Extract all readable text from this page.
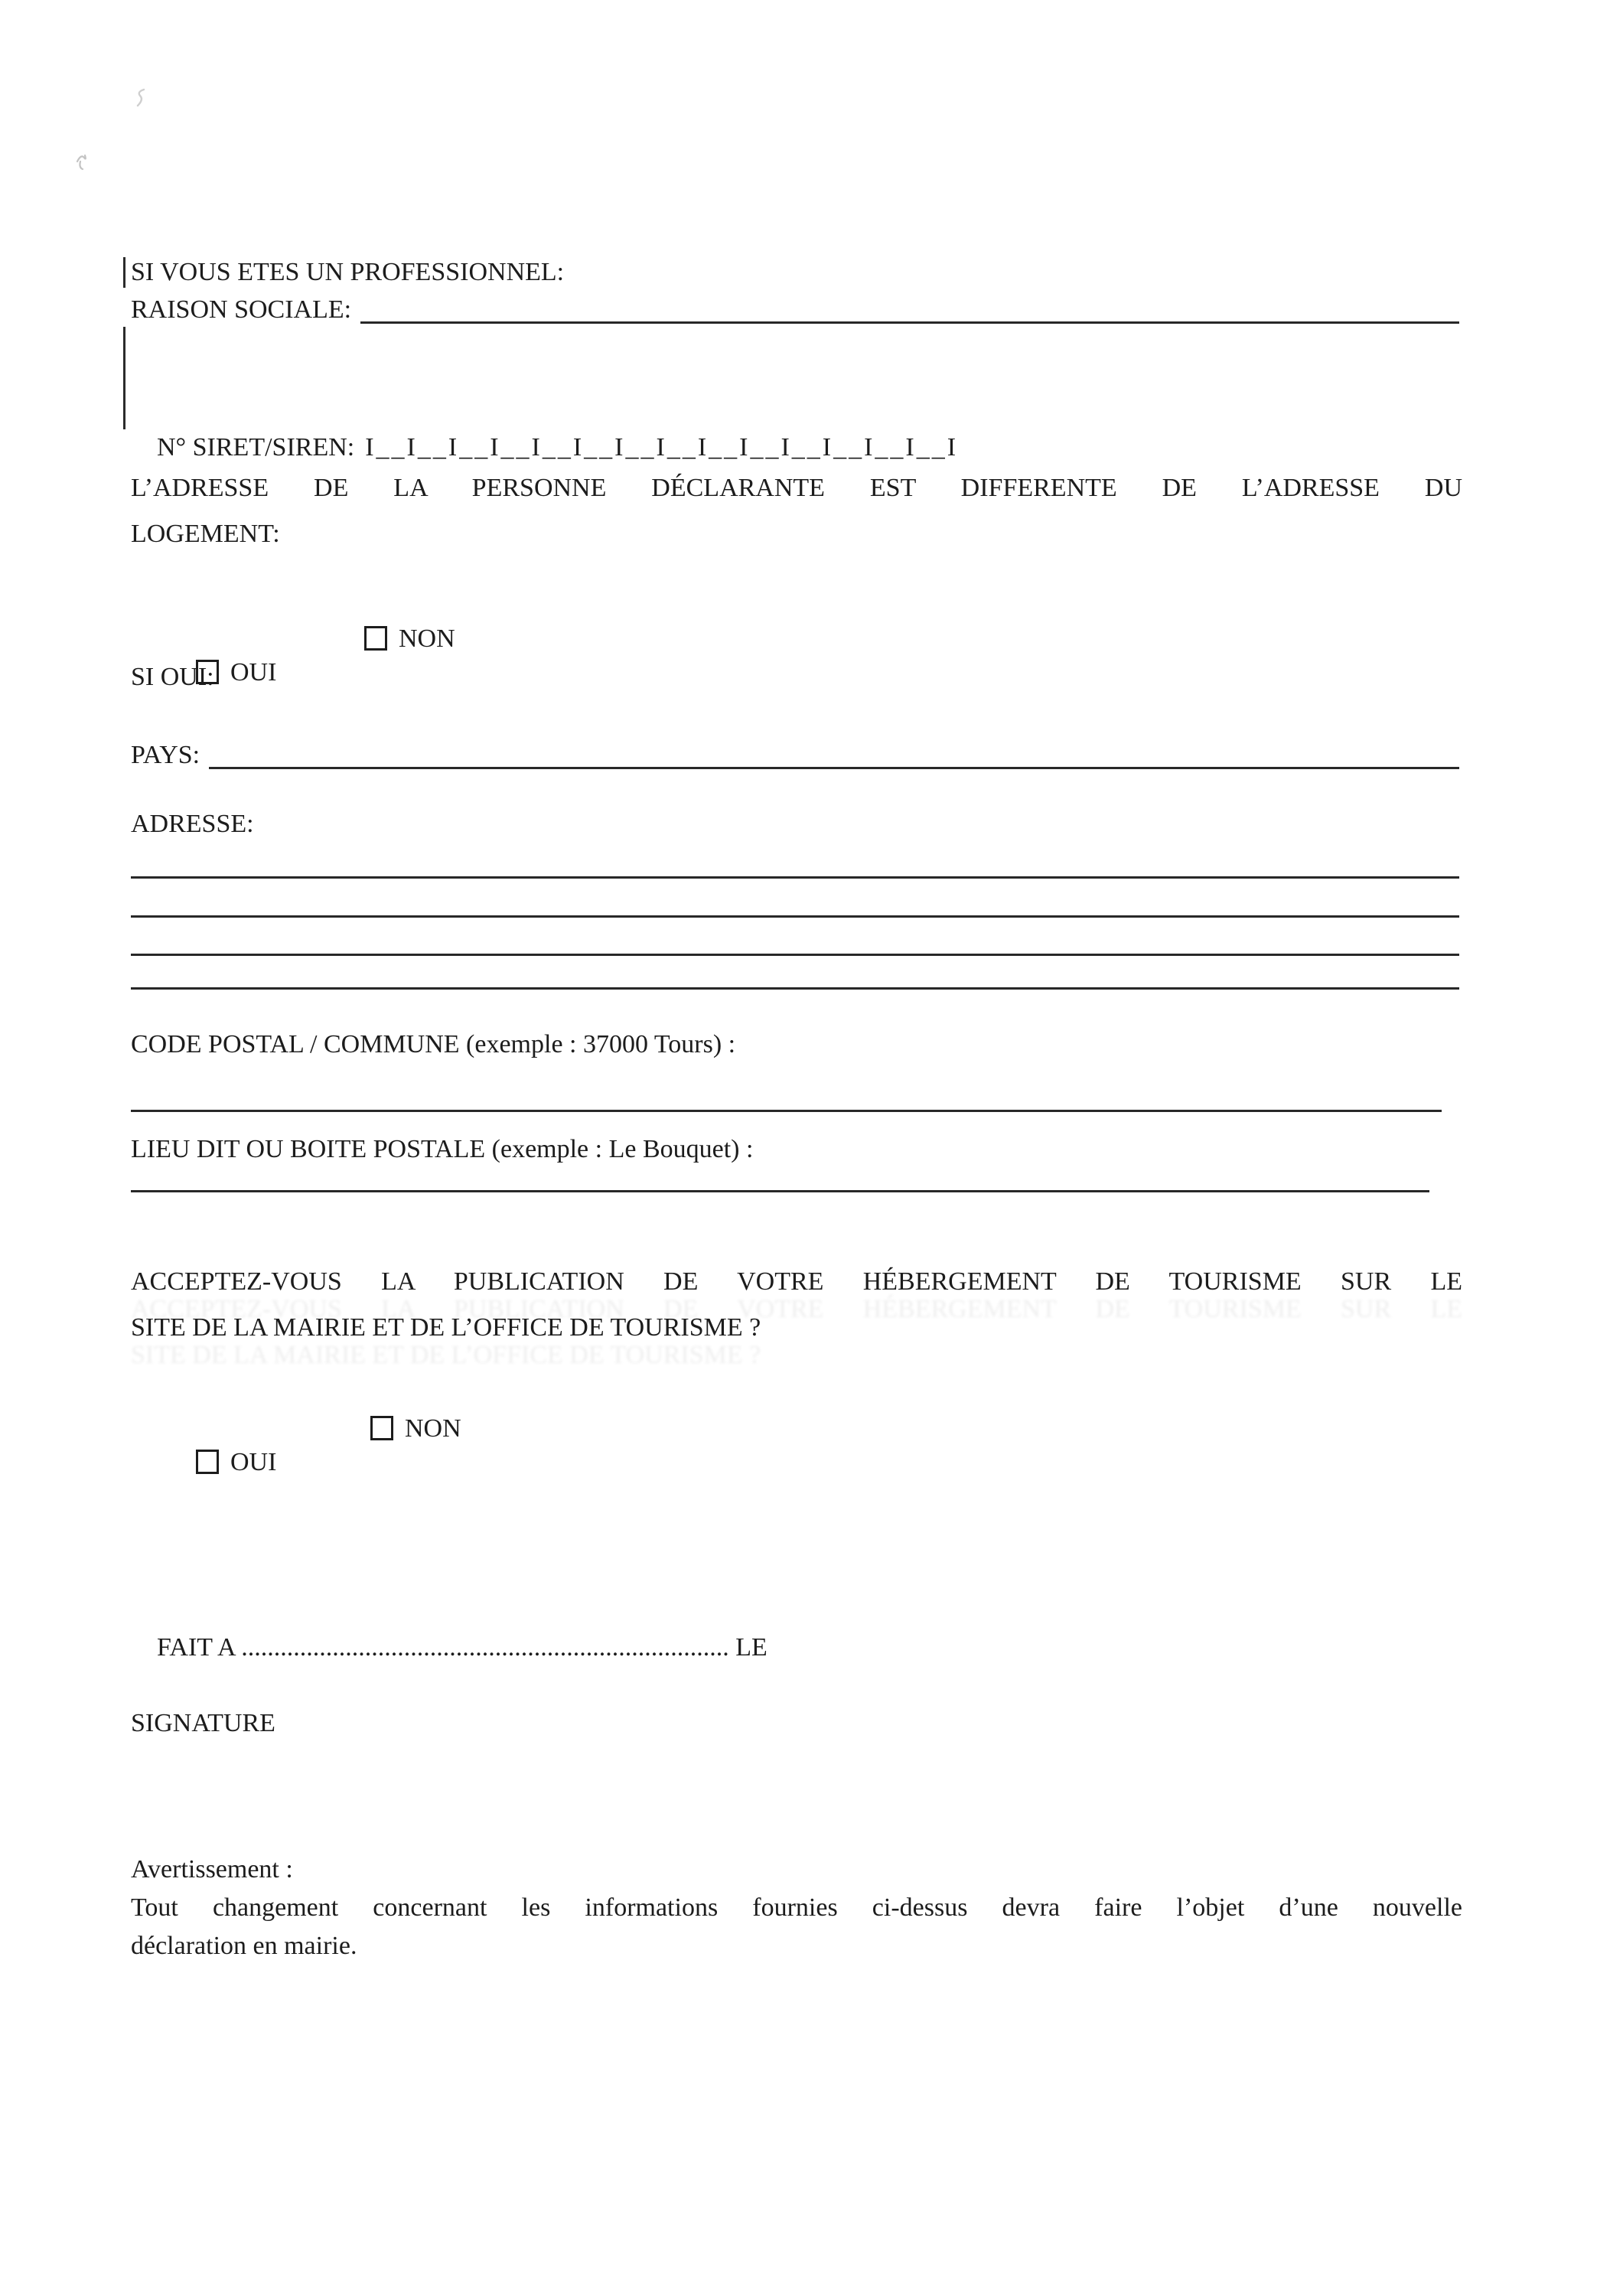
SI VOUS ETES UN PROFESSIONNEL:
RAISON SOCIALE:

N° SIRET/SIREN: I__I__I__I__I__I__I__I__I__I__I__I__I__I__I

L’ADRESSE DE LA PERSONNE DÉCLARANTE EST DIFFERENTE DE L’ADRESSE DU
LOGEMENT:

OUI

NON

SI OUI:
PAYS:
ADRESSE:
CODE POSTAL / COMMUNE (exemple : 37000 Tours) :
LIEU DIT OU BOITE POSTALE (exemple : Le Bouquet) :
ACCEPTEZ-VOUS LA PUBLICATION DE VOTRE HÉBERGEMENT DE TOURISME SUR LE
SITE DE LA MAIRIE ET DE L’OFFICE DE TOURISME ?

OUI

NON

FAIT A ........................................................................... LE

SIGNATURE
Avertissement :
Tout changement concernant les informations fournies ci-dessus devra faire l’objet d’une nouvelle
déclaration en mairie.
